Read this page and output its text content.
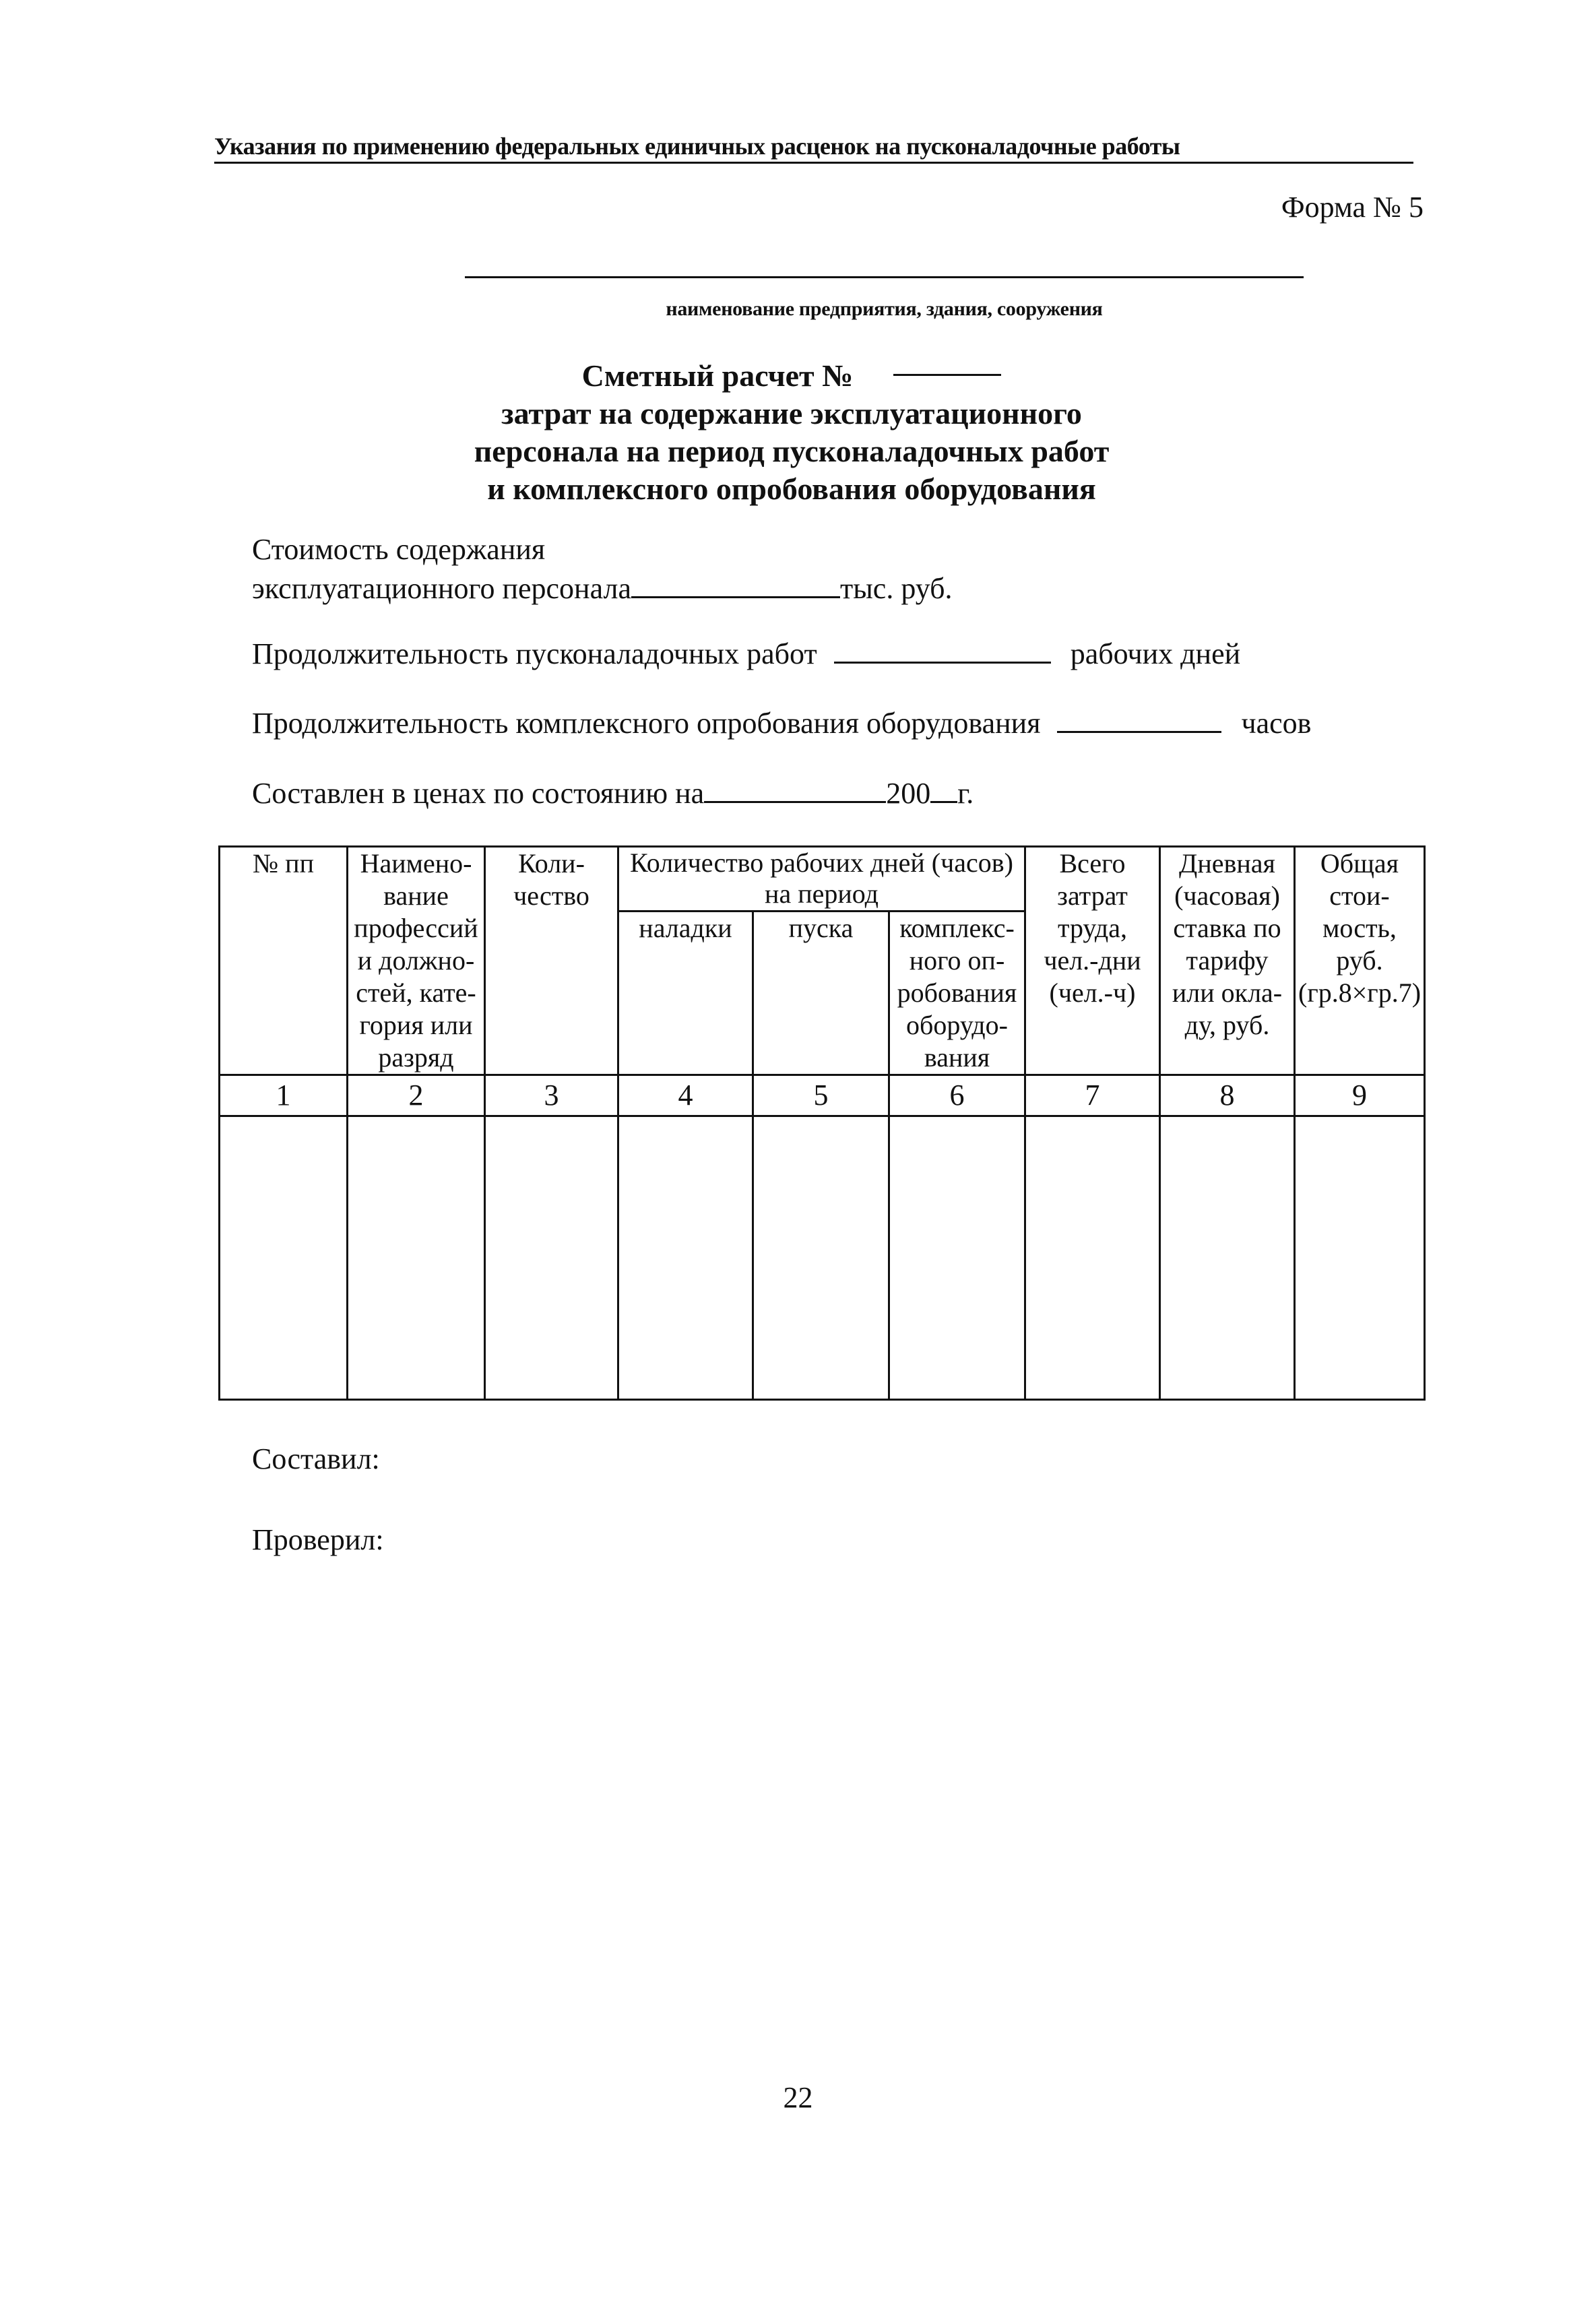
Указания по применению федеральных единичных расценок на пусконаладочные работы
Форма № 5
наименование предприятия, здания, сооружения
Сметный расчет №
затрат на содержание эксплуатационного
персонала на период пусконаладочных работ
и комплексного опробования оборудования
Стоимость содержания
эксплуатационного персонала	тыс. руб.
Продолжительность пусконаладочных работ	рабочих дней
Продолжительность комплексного опробования оборудования	часов
Составлен в ценах по состоянию на	200 г.
№ пп	Наимено-вание профессий и должно-стей, кате-гория или разряд	Коли-чество	Количество рабочих дней (часов) на период			Всего затрат труда, чел.-дни (чел.-ч)	Дневная (часовая) ставка по тарифу или окла-ду, руб.	Общая стои-мость, руб. (гр.8×гр.7)
			наладки	пуска	комплекс-ного оп-робования оборудо-вания			
1	2	3	4	5	6	7	8	9

Составил:
Проверил:
22
